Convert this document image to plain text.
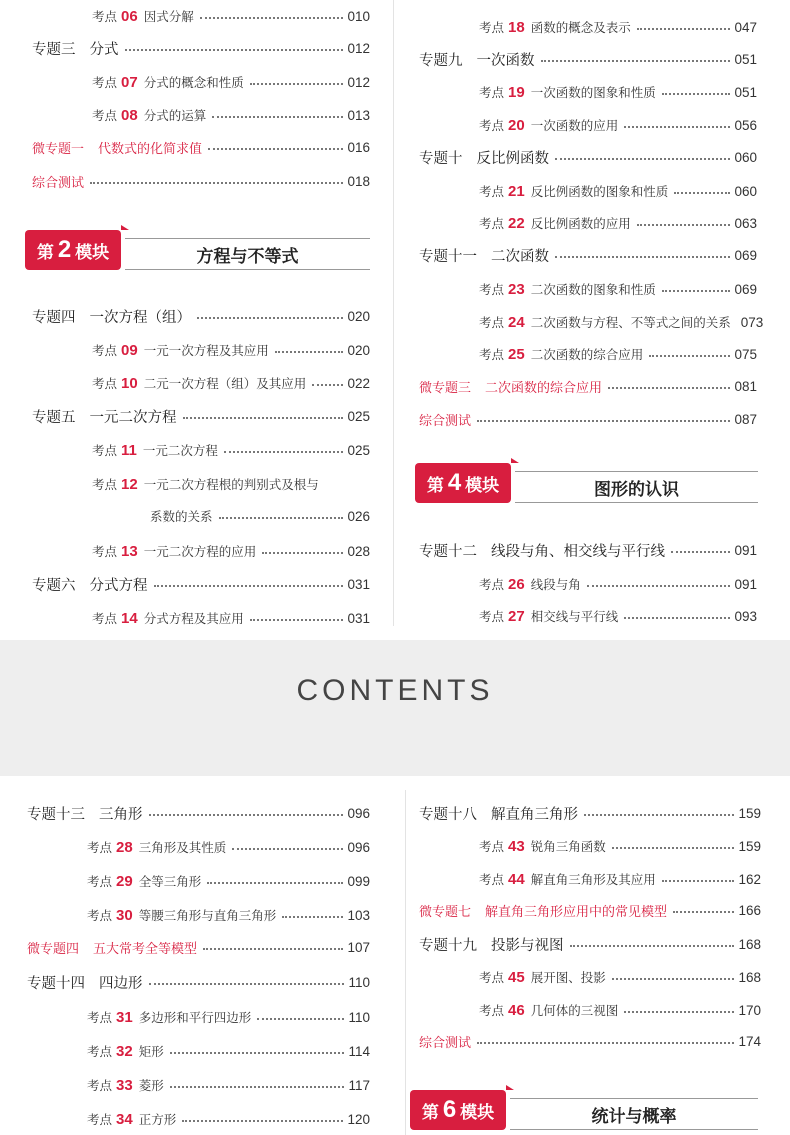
CONTENTS
考点 06 因式分解	010
专题三 分式	012
考点 07 分式的概念和性质	012
考点 08 分式的运算	013
微专题一 代数式的化简求值	016
综合测试	018
第 2 模块	方程与不等式
专题四 一次方程（组）	020
考点 09 一元一次方程及其应用	020
考点 10 二元一次方程（组）及其应用	022
专题五 一元二次方程	025
考点 11 一元二次方程	025
考点 12 一元二次方程根的判别式及根与
系数的关系	026
考点 13 一元二次方程的应用	028
专题六 分式方程	031
考点 14 分式方程及其应用	031
考点 18 函数的概念及表示	047
专题九 一次函数	051
考点 19 一次函数的图象和性质	051
考点 20 一次函数的应用	056
专题十 反比例函数	060
考点 21 反比例函数的图象和性质	060
考点 22 反比例函数的应用	063
专题十一 二次函数	069
考点 23 二次函数的图象和性质	069
考点 24 二次函数与方程、不等式之间的关系 073
考点 25 二次函数的综合应用	075
微专题三 二次函数的综合应用	081
综合测试	087
第 4 模块	图形的认识
专题十二 线段与角、相交线与平行线	091
考点 26 线段与角	091
考点 27 相交线与平行线	093
专题十三 三角形	096
考点 28 三角形及其性质	096
考点 29 全等三角形	099
考点 30 等腰三角形与直角三角形	103
微专题四 五大常考全等模型	107
专题十四 四边形	110
考点 31 多边形和平行四边形	110
考点 32 矩形	114
考点 33 菱形	117
考点 34 正方形	120
专题十八 解直角三角形	159
考点 43 锐角三角函数	159
考点 44 解直角三角形及其应用	162
微专题七 解直角三角形应用中的常见模型	166
专题十九 投影与视图	168
考点 45 展开图、投影	168
考点 46 几何体的三视图	170
综合测试	174
第 6 模块	统计与概率
